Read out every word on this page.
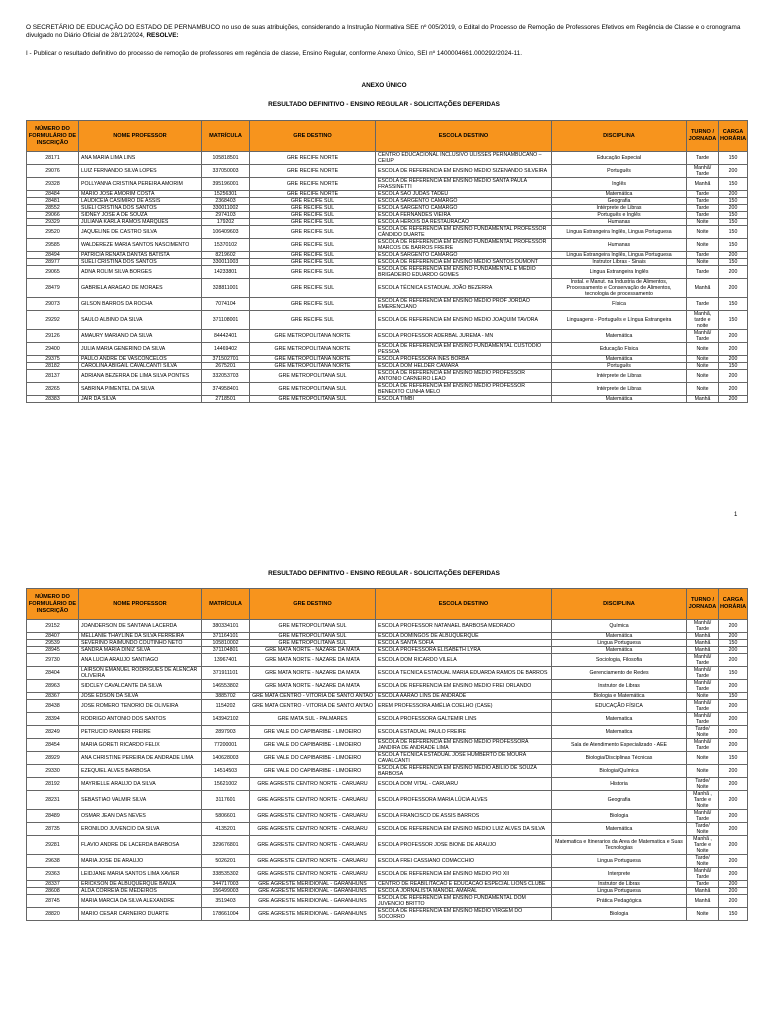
O SECRETÁRIO DE EDUCAÇÃO DO ESTADO DE PERNAMBUCO no uso de suas atribuições, considerando a Instrução Normativa SEE nº 005/2019, o Edital do Processo de Remoção de Professores Efetivos em Regência de Classe e o cronograma divulgado no Diário Oficial de 28/12/2024, RESOLVE:

I - Publicar o resultado definitivo do processo de remoção de professores em regência de classe, Ensino Regular, conforme Anexo Único, SEI nº 1400004661.000292/2024-11.

ANEXO ÚNICO
RESULTADO DEFINITIVO - ENSINO REGULAR - SOLICITAÇÕES DEFERIDAS
NÚMERO DO FORMULÁRIO DE INSCRIÇÃO	NOME PROFESSOR	MATRÍCULA	GRE DESTINO	ESCOLA DESTINO	DISCIPLINA	TURNO / JORNADA	CARGA HORÁRIA
28171	ANA MARIA LIMA LINS	105818501	GRE RECIFE NORTE	CENTRO EDUCACIONAL INCLUSIVO ULISSES PERNAMBUCANO – CEIUP	Educação Especial	Tarde	150
29076	LUIZ FERNANDO SILVA LOPES	337050003	GRE RECIFE NORTE	ESCOLA DE REFERENCIA EM ENSINO MEDIO SIZENANDO SILVEIRA	Português	Manhã/ Tarde	200
29328	POLLYANNA CRISTINA PEREIRA AMORIM	395196001	GRE RECIFE NORTE	ESCOLA DE REFERENCIA EM ENSINO MEDIO SANTA PAULA FRASSINETTI	Inglês	Manhã	150
28484	MARIO JOSE AMORIM COSTA	15256301	GRE RECIFE NORTE	ESCOLA SAO JUDAS TADEU	Matemática	Tarde	200
28481	LAUDICEIA CASIMIRO DE ASSIS	2368403	GRE RECIFE SUL	ESCOLA SARGENTO CAMARGO	Geografia	Tarde	150
28552	SUELI CRISTINA DOS SANTOS	330011002	GRE RECIFE SUL	ESCOLA SARGENTO CAMARGO	Intérprete de Libras	Tarde	200
29066	SIDNEY JOSE A DE SOUZA	2974103	GRE RECIFE SUL	ESCOLA FERNANDES VIEIRA	Português e Inglês	Tarde	150
29329	JULIANA KARLA RAMOS MARQUES	179202	GRE RECIFE SUL	ESCOLA HEROIS DA RESTAURACAO	Humanas	Noite	150
29520	JAQUELINE DE CASTRO SILVA	106409603	GRE RECIFE SUL	ESCOLA DE REFERÊNCIA EM ENSINO FUNDAMENTAL PROFESSOR CÂNDIDO DUARTE	Lingua Estrangeira Inglês, Lingua Portuguesa	Noite	150
29585	WALDEREZE MARIA SANTOS NASCIMENTO	15370102	GRE RECIFE SUL	ESCOLA DE REFERÊNCIA EM ENSINO FUNDAMENTAL PROFESSOR MARCOS DE BARROS FREIRE	Humanas	Noite	150
28494	PATRICIA RENATA DANTAS BATISTA	8219602	GRE RECIFE SUL	ESCOLA SARGENTO CAMARGO	Lingua Estrangeira Inglês, Lingua Portuguesa	Tarde	200
28977	SUELI CRISTINA DOS SANTOS	330011003	GRE RECIFE SUL	ESCOLA DE REFERENCIA EM ENSINO MEDIO SANTOS DUMONT	Instrutor Libras - Sinais	Noite	150
29065	ADNA ROLIM SILVA BORGES	14233801	GRE RECIFE SUL	ESCOLA DE REFERENCIA EM ENSINO FUNDAMENTAL E MEDIO BRIGADEIRO EDUARDO GOMES	Lingua Estrangeira Inglês	Tarde	200
28479	GABRIELA ARAGAO DE MORAES	328811001	GRE RECIFE SUL	ESCOLA TÉCNICA ESTADUAL JOÃO BEZERRA	Instal. e Manut. na Industria de Alimentos, Processamento e Conservação de Alimentos, tecnologia de processamento	Manhã	200
29073	GILSON BARROS DA ROCHA	7074104	GRE RECIFE SUL	ESCOLA DE REFERENCIA EM ENSINO MEDIO PROF JORDÃO EMERENCIANO	Física	Tarde	150
29292	SAULO ALBINO DA SILVA	371108001	GRE RECIFE SUL	ESCOLA DE REFERENCIA EM ENSINO MEDIO JOAQUIM TAVORA	Linguagens - Português e Língua Estrangeira	Manhã, tarde e noite	150
29126	AMAURY MARIANO DA SILVA	84442401	GRE METROPOLITANA NORTE	ESCOLA PROFESSOR ADERBAL JUREMA - MN	Matemática	Manhã/ Tarde	200
29400	JULIA MARIA GENERINO DA SILVA	14469402	GRE METROPOLITANA NORTE	ESCOLA DE REFERENCIA EM ENSINO FUNDAMENTAL CUSTODIO PESSOA	Educação Física	Noite	200
29375	PAULO ANDRE DE VASCONCELOS	371502701	GRE METROPOLITANA NORTE	ESCOLA PROFESSORA INES BORBA	Matemática	Noite	200
28182	CAROLINA ABIGAIL CAVALCANTI SILVA	2675201	GRE METROPOLITANA NORTE	ESCOLA DOM HELDER CÂMARA	Português	Noite	150
28137	ADRIANA BEZERRA DE LIMA SILVA PONTES	332053703	GRE METROPOLITANA SUL	ESCOLA DE REFERENCIA EM ENSINO MEDIO PROFESSOR ANTONIO CARNEIRO LEAO	Intérprete de Libras	Noite	200
28265	SABRINA PIMENTEL DA SILVA	374958401	GRE METROPOLITANA SUL	ESCOLA DE REFERENCIA EM ENSINO MEDIO PROFESSOR BENEDITO CUNHA MELO	Intérprete de Libras	Noite	200
28383	JAIR DA SILVA	2718501	GRE METROPOLITANA SUL	ESCOLA TIMBI	Matemática	Manhã	200
1
RESULTADO DEFINITIVO - ENSINO REGULAR - SOLICITAÇÕES DEFERIDAS
NÚMERO DO FORMULÁRIO DE INSCRIÇÃO	NOME PROFESSOR	MATRÍCULA	GRE DESTINO	ESCOLA DESTINO	DISCIPLINA	TURNO / JORNADA	CARGA HORÁRIA
29152	JOANDERSON DE SANTANA LACERDA	380334101	GRE METROPOLITANA SUL	ESCOLA PROFESSOR NATANAEL BARBOSA MEDRADO	Química	Manhã/ Tarde	200
28407	MELLANIE THAYLINE DA SILVA FERREIRA	371164101	GRE METROPOLITANA SUL	ESCOLA DOMINGOS DE ALBUQUERQUE	Matemática	Manhã	200
29539	SEVERINO RAIMUNDO COUTINHO NETO	105810002	GRE METROPOLITANA SUL	ESCOLA SANTA SOFIA	Lingua Portuguesa	Manhã	150
28945	SANDRA MARIA DINIZ SILVA	371104801	GRE MATA NORTE - NAZARE DA MATA	ESCOLA PROFESSORA ELISABETH LYRA	Matemática	Manhã	200
29730	ANA LUCIA ARAUJO SANTIAGO	13967401	GRE MATA NORTE - NAZARE DA MATA	ESCOLA DOM RICARDO VILELA	Sociologia, Filosofia	Manhã/ Tarde	200
28404	LAIRSON EMANUEL RODRIGUES DE ALENCAR OLIVEIRA	371911101	GRE MATA NORTE - NAZARE DA MATA	ESCOLA TECNICA ESTADUAL MARIA EDUARDA RAMOS DE BARROS	Gerenciamento de Redes	Manhã/ Tarde	150
28963	SIDCLEY CAVALCANTE DA SILVA	146553802	GRE MATA NORTE - NAZARE DA MATA	ESCOLA DE REFERENCIA EM ENSINO MEDIO FREI ORLANDO	Instrutor de Libras	Manhã/ Tarde	200
28367	JOSE EDSON DA SILVA	3885702	GRE MATA CENTRO - VITORIA DE SANTO ANTAO	ESCOLA AARAO LINS DE ANDRADE	Biologia e Matemática	Noite	150
28438	JOSE ROMERO TENORIO DE OLIVEIRA	1154202	GRE MATA CENTRO - VITORIA DE SANTO ANTAO	EREM PROFESSORA AMÉLIA COELHO (CASE)	EDUCAÇÃO FÍSICA	Manhã/ Tarde	200
28394	RODRIGO ANTONIO DOS SANTOS	143942102	GRE MATA SUL - PALMARES	ESCOLA PROFESSORA GALTEMIR LINS	Matematica	Manhã/ Tarde	200
28249	PETRUCIO RANIERI FREIRE	2897903	GRE VALE DO CAPIBARIBE - LIMOEIRO	ESCOLA ESTADUAL PAULO FREIRE	Matematica	Tarde/ Noite	200
28454	MARIA GORETI RICARDO FELIX	77200001	GRE VALE DO CAPIBARIBE - LIMOEIRO	ESCOLA DE REFERÊNCIA EM ENSINO MEDIO PROFESSORA JANDIRA DE ANDRADE LIMA	Sala de Atendimento Especializado - AEE	Manhã/ Tarde	200
28929	ANA CHRISTINE PEREIRA DE ANDRADE LIMA	140628003	GRE VALE DO CAPIBARIBE - LIMOEIRO	ESCOLA TECNICA ESTADUAL JOSE HUMBERTO DE MOURA CAVALCANTI	Biologia/Disciplinas Técnicas	Noite	150
29330	EZEQUIEL ALVES BARBOSA	14514503	GRE VALE DO CAPIBARIBE - LIMOEIRO	ESCOLA DE REFERÊNCIA EM ENSINO MEDIO ABILIO DE SOUZA BARBOSA	Biologia/Química	Noite	200
28192	MAYRIELLE ARAUJO DA SILVA	15621002	GRE AGRESTE CENTRO NORTE - CARUARU	ESCOLA DOM VITAL - CARUARU	Historia	Tarde/ Noite	200
28231	SEBASTIAO VALMIR SILVA	3117601	GRE AGRESTE CENTRO NORTE - CARUARU	ESCOLA PROFESSORA MARIA LÚCIA ALVES	Geografia	Manhã , Tarde e Noite	200
28489	OSMAR JEAN DAS NEVES	5806601	GRE AGRESTE CENTRO NORTE - CARUARU	ESCOLA FRANCISCO DE ASSIS BARROS	Biologia	Manhã/ Tarde	200
28735	ERONILDO JUVENCIO DA SILVA	4135201	GRE AGRESTE CENTRO NORTE - CARUARU	ESCOLA DE REFERENCIA EM ENSINO MEDIO LUIZ ALVES DA SILVA	Matemática	Tarde/ Noite	200
29281	FLAVIO ANDRE DE LACERDA BARBOSA	329676801	GRE AGRESTE CENTRO NORTE - CARUARU	ESCOLA PROFESSOR JOSE BIONE DE ARAUJO	Matematica e Itinerarios da Area de Matematica e Suas Tecnologias	Manhã , Tarde e Noite	200
29638	MARIA JOSE DE ARAUJO	5026201	GRE AGRESTE CENTRO NORTE - CARUARU	ESCOLA FREI CASSIANO COMACCHIO	Lingua Portuguesa	Tarde/ Noite	200
29363	LEIDJANE MARIA SANTOS LIMA XAVIER	338535302	GRE AGRESTE CENTRO NORTE - CARUARU	ESCOLA DE REFERENCIA EM ENSINO MEDIO PIO XII	Interprete	Manhã/ Tarde	200
28337	ERICKSON DE ALBUQUERQUE BANJA	344717003	GRE AGRESTE MERIDIONAL - GARANHUNS	CENTRO DE REABILITACAO E EDUCACAO ESPECIAL LIONS CLUBE	Instrutor de Libras	Tarde	200
28608	ALDA CORREIA DE MEDEIROS	156499003	GRE AGRESTE MERIDIONAL - GARANHUNS	ESCOLA JORNALISTA MANOEL AMARAL	Lingua Portuguesa	Manhã	200
28745	MARIA MARCIA DA SILVA ALEXANDRE	3519403	GRE AGRESTE MERIDIONAL - GARANHUNS	ESCOLA DE REFERENCIA EM ENSINO FUNDAMENTAL DOM JUVENCIO BRITTO	Prática Pedagógica	Manhã	200
28820	MARIO CESAR CARNEIRO DUARTE	178661004	GRE AGRESTE MERIDIONAL - GARANHUNS	ESCOLA DE REFERENCIA EM ENSINO MEDIO VIRGEM DO SOCORRO	Biologia	Noite	150
